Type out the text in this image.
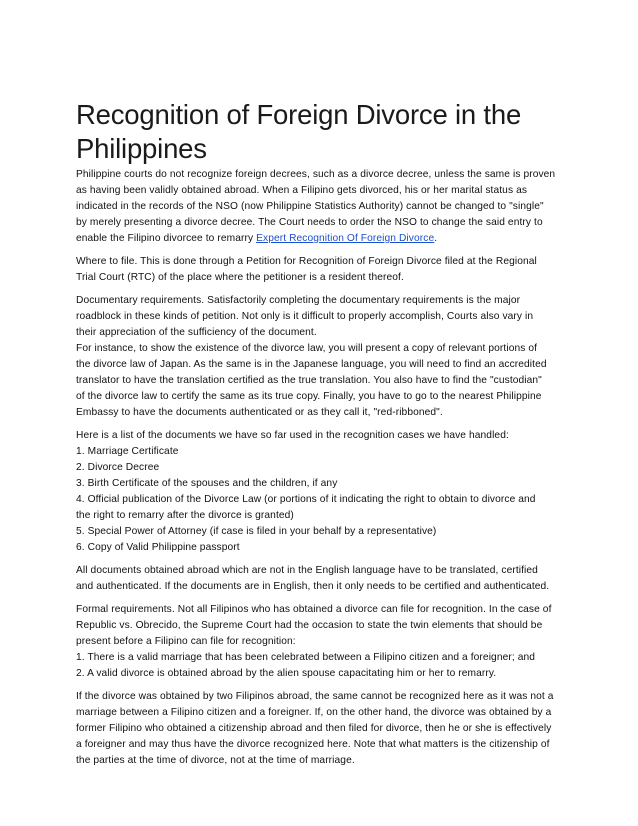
Recognition of Foreign Divorce in the
Philippines

Philippine courts do not recognize foreign decrees, such as a divorce decree, unless the same is proven
as having been validly obtained abroad. When a Filipino gets divorced, his or her marital status as
indicated in the records of the NSO (now Philippine Statistics Authority) cannot be changed to "single"
by merely presenting a divorce decree. The Court needs to order the NSO to change the said entry to
enable the Filipino divorcee to remarry Expert Recognition Of Foreign Divorce.

Where to file. This is done through a Petition for Recognition of Foreign Divorce filed at the Regional
Trial Court (RTC) of the place where the petitioner is a resident thereof.

Documentary requirements. Satisfactorily completing the documentary requirements is the major
roadblock in these kinds of petition. Not only is it difficult to properly accomplish, Courts also vary in
their appreciation of the sufficiency of the document.
For instance, to show the existence of the divorce law, you will present a copy of relevant portions of
the divorce law of Japan. As the same is in the Japanese language, you will need to find an accredited
translator to have the translation certified as the true translation. You also have to find the "custodian"
of the divorce law to certify the same as its true copy. Finally, you have to go to the nearest Philippine
Embassy to have the documents authenticated or as they call it, "red-ribboned".

Here is a list of the documents we have so far used in the recognition cases we have handled:
1. Marriage Certificate
2. Divorce Decree
3. Birth Certificate of the spouses and the children, if any
4. Official publication of the Divorce Law (or portions of it indicating the right to obtain to divorce and
the right to remarry after the divorce is granted)
5. Special Power of Attorney (if case is filed in your behalf by a representative)
6. Copy of Valid Philippine passport

All documents obtained abroad which are not in the English language have to be translated, certified
and authenticated. If the documents are in English, then it only needs to be certified and authenticated.

Formal requirements. Not all Filipinos who has obtained a divorce can file for recognition. In the case of
Republic vs. Obrecido, the Supreme Court had the occasion to state the twin elements that should be
present before a Filipino can file for recognition:
1. There is a valid marriage that has been celebrated between a Filipino citizen and a foreigner; and
2. A valid divorce is obtained abroad by the alien spouse capacitating him or her to remarry.

If the divorce was obtained by two Filipinos abroad, the same cannot be recognized here as it was not a
marriage between a Filipino citizen and a foreigner. If, on the other hand, the divorce was obtained by a
former Filipino who obtained a citizenship abroad and then filed for divorce, then he or she is effectively
a foreigner and may thus have the divorce recognized here. Note that what matters is the citizenship of
the parties at the time of divorce, not at the time of marriage.
